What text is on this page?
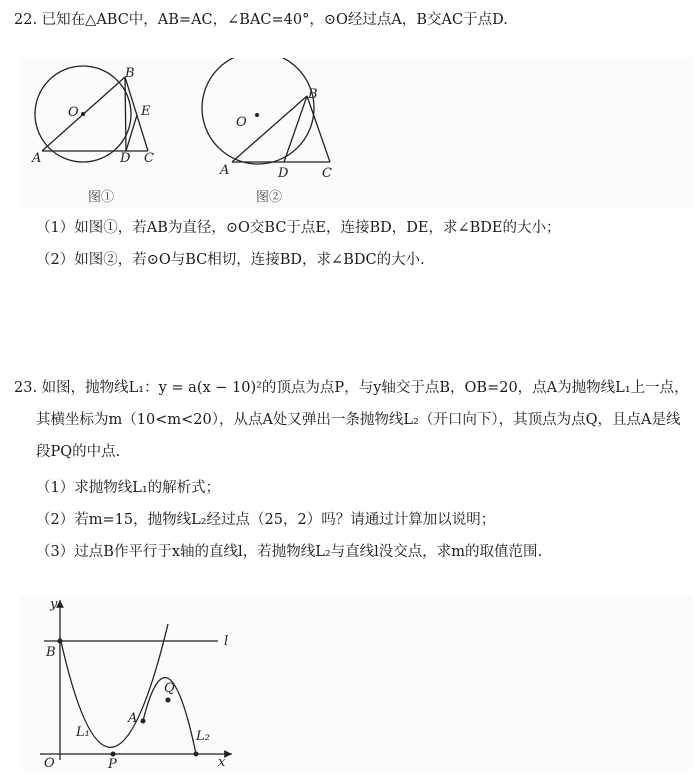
22. 已知在△ABC中，AB=AC，∠BAC=40°，⊙O经过点A，B交AC于点D.
O
B
E
A	D C
O
B
A	D	C
图①	图②
（1）如图①，若AB为直径，⊙O交BC于点E，连接BD，DE，求∠BDE的大小；
（2）如图②，若⊙O与BC相切，连接BD，求∠BDC的大小.
23. 如图，抛物线L₁：y = a(x − 10)²的顶点为点P，与y轴交于点B，OB=20，点A为抛物线L₁上一点，
其横坐标为m（10<m<20），从点A处又弹出一条抛物线L₂（开口向下），其顶点为点Q，且点A是线
段PQ的中点.
（1）求抛物线L₁的解析式；
（2）若m=15，抛物线L₂经过点（25，2）吗？请通过计算加以说明；
（3）过点B作平行于x轴的直线l，若抛物线L₂与直线l没交点，求m的取值范围.
y
x
O
B
P
A
Q
L₁	L₂
l
